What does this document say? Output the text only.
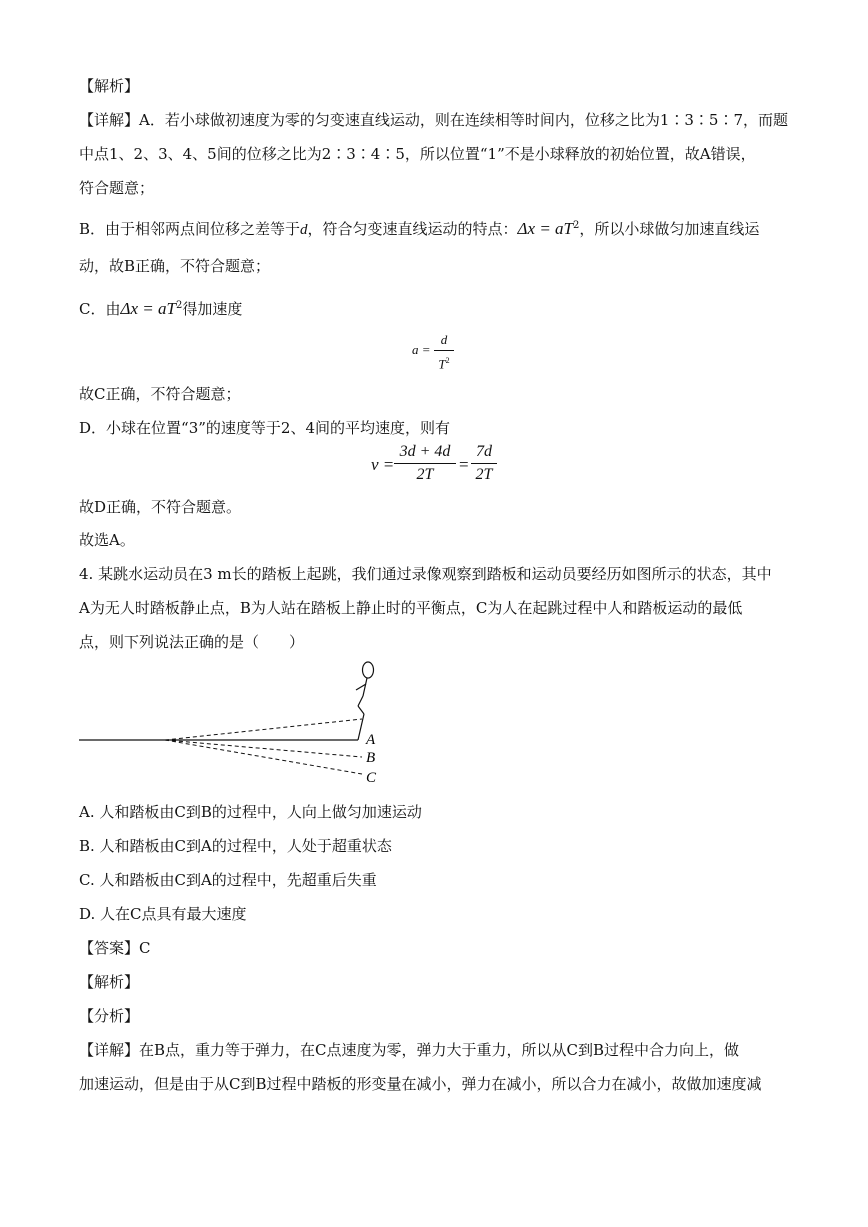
【解析】
【详解】A．若小球做初速度为零的匀变速直线运动，则在连续相等时间内，位移之比为1∶3∶5∶7，而题
中点1、2、3、4、5间的位移之比为2∶3∶4∶5，所以位置“1”不是小球释放的初始位置，故A错误，
符合题意；
B．由于相邻两点间位移之差等于d，符合匀变速直线运动的特点：$\Delta x = aT^2$，所以小球做匀加速直线运
动，故B正确，不符合题意；
C．由$\Delta x = aT^2$得加速度
a =
d
$T^2$
故C正确，不符合题意；
D．小球在位置“3”的速度等于2、4间的平均速度，则有
v =
3d + 4d
2T
=
7d
2T
故D正确，不符合题意。
故选A。
4. 某跳水运动员在3 m长的踏板上起跳，我们通过录像观察到踏板和运动员要经历如图所示的状态，其中
A为无人时踏板静止点，B为人站在踏板上静止时的平衡点，C为人在起跳过程中人和踏板运动的最低
点，则下列说法正确的是（　　）
A
B
C
A. 人和踏板由C到B的过程中，人向上做匀加速运动
B. 人和踏板由C到A的过程中，人处于超重状态
C. 人和踏板由C到A的过程中，先超重后失重
D. 人在C点具有最大速度
【答案】C
【解析】
【分析】
【详解】在B点，重力等于弹力，在C点速度为零，弹力大于重力，所以从C到B过程中合力向上，做
加速运动，但是由于从C到B过程中踏板的形变量在减小，弹力在减小，所以合力在减小，故做加速度减
